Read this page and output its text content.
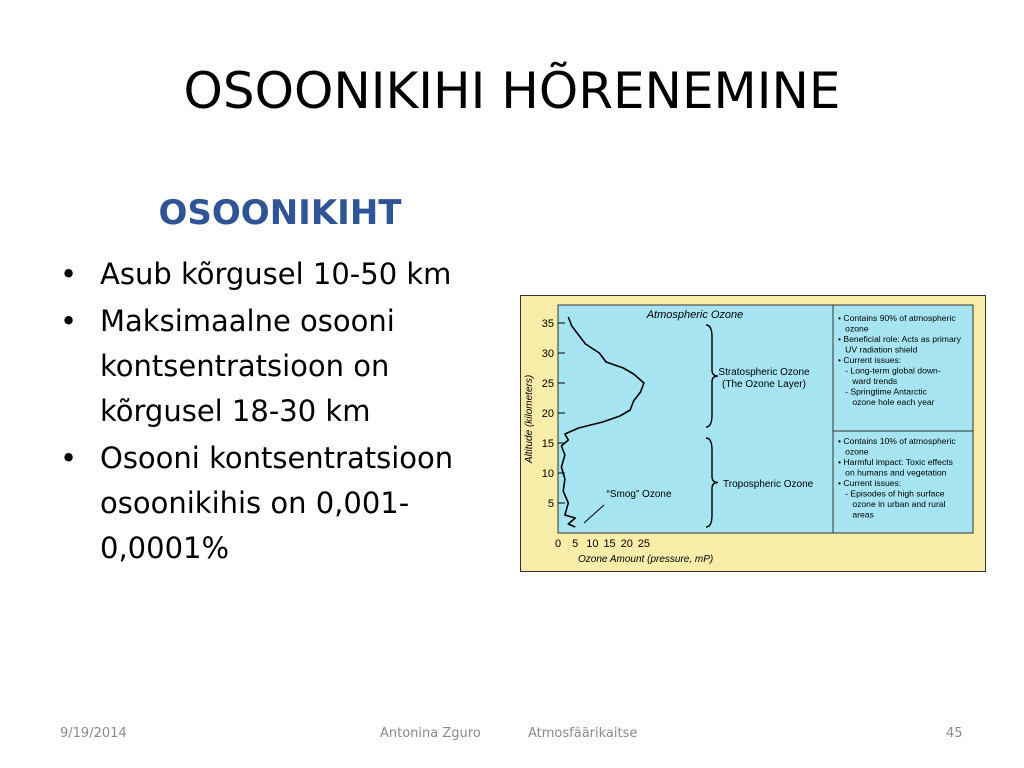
OSOONIKIHI HÕRENEMINE
OSOONIKIHT
• Asub kõrgusel 10-50 km
• Maksimaalne osooni kontsentratsioon on kõrgusel 18-30 km
• Osooni kontsentratsioon osoonikihis on 0,001-0,0001%
Atmospheric Ozone
5
10
15
20
25
30
35
0 5 10 15 20 25
Ozone Amount (pressure, mP)
Altitude (kilometers)
Stratospheric Ozone
(The Ozone Layer)
Tropospheric Ozone
“Smog” Ozone
• Contains 90% of atmospheric
ozone
• Beneficial role: Acts as primary
UV radiation shield
• Current issues:
- Long-term global down-
ward trends
- Springtime Antarctic
ozone hole each year
• Contains 10% of atmospheric
ozone
• Harmful impact: Toxic effects
on humans and vegetation
• Current issues:
- Episodes of high surface
ozone in urban and rural
areas
9/19/2014	Antonina Zguro	Atmosfäärikaitse	45
